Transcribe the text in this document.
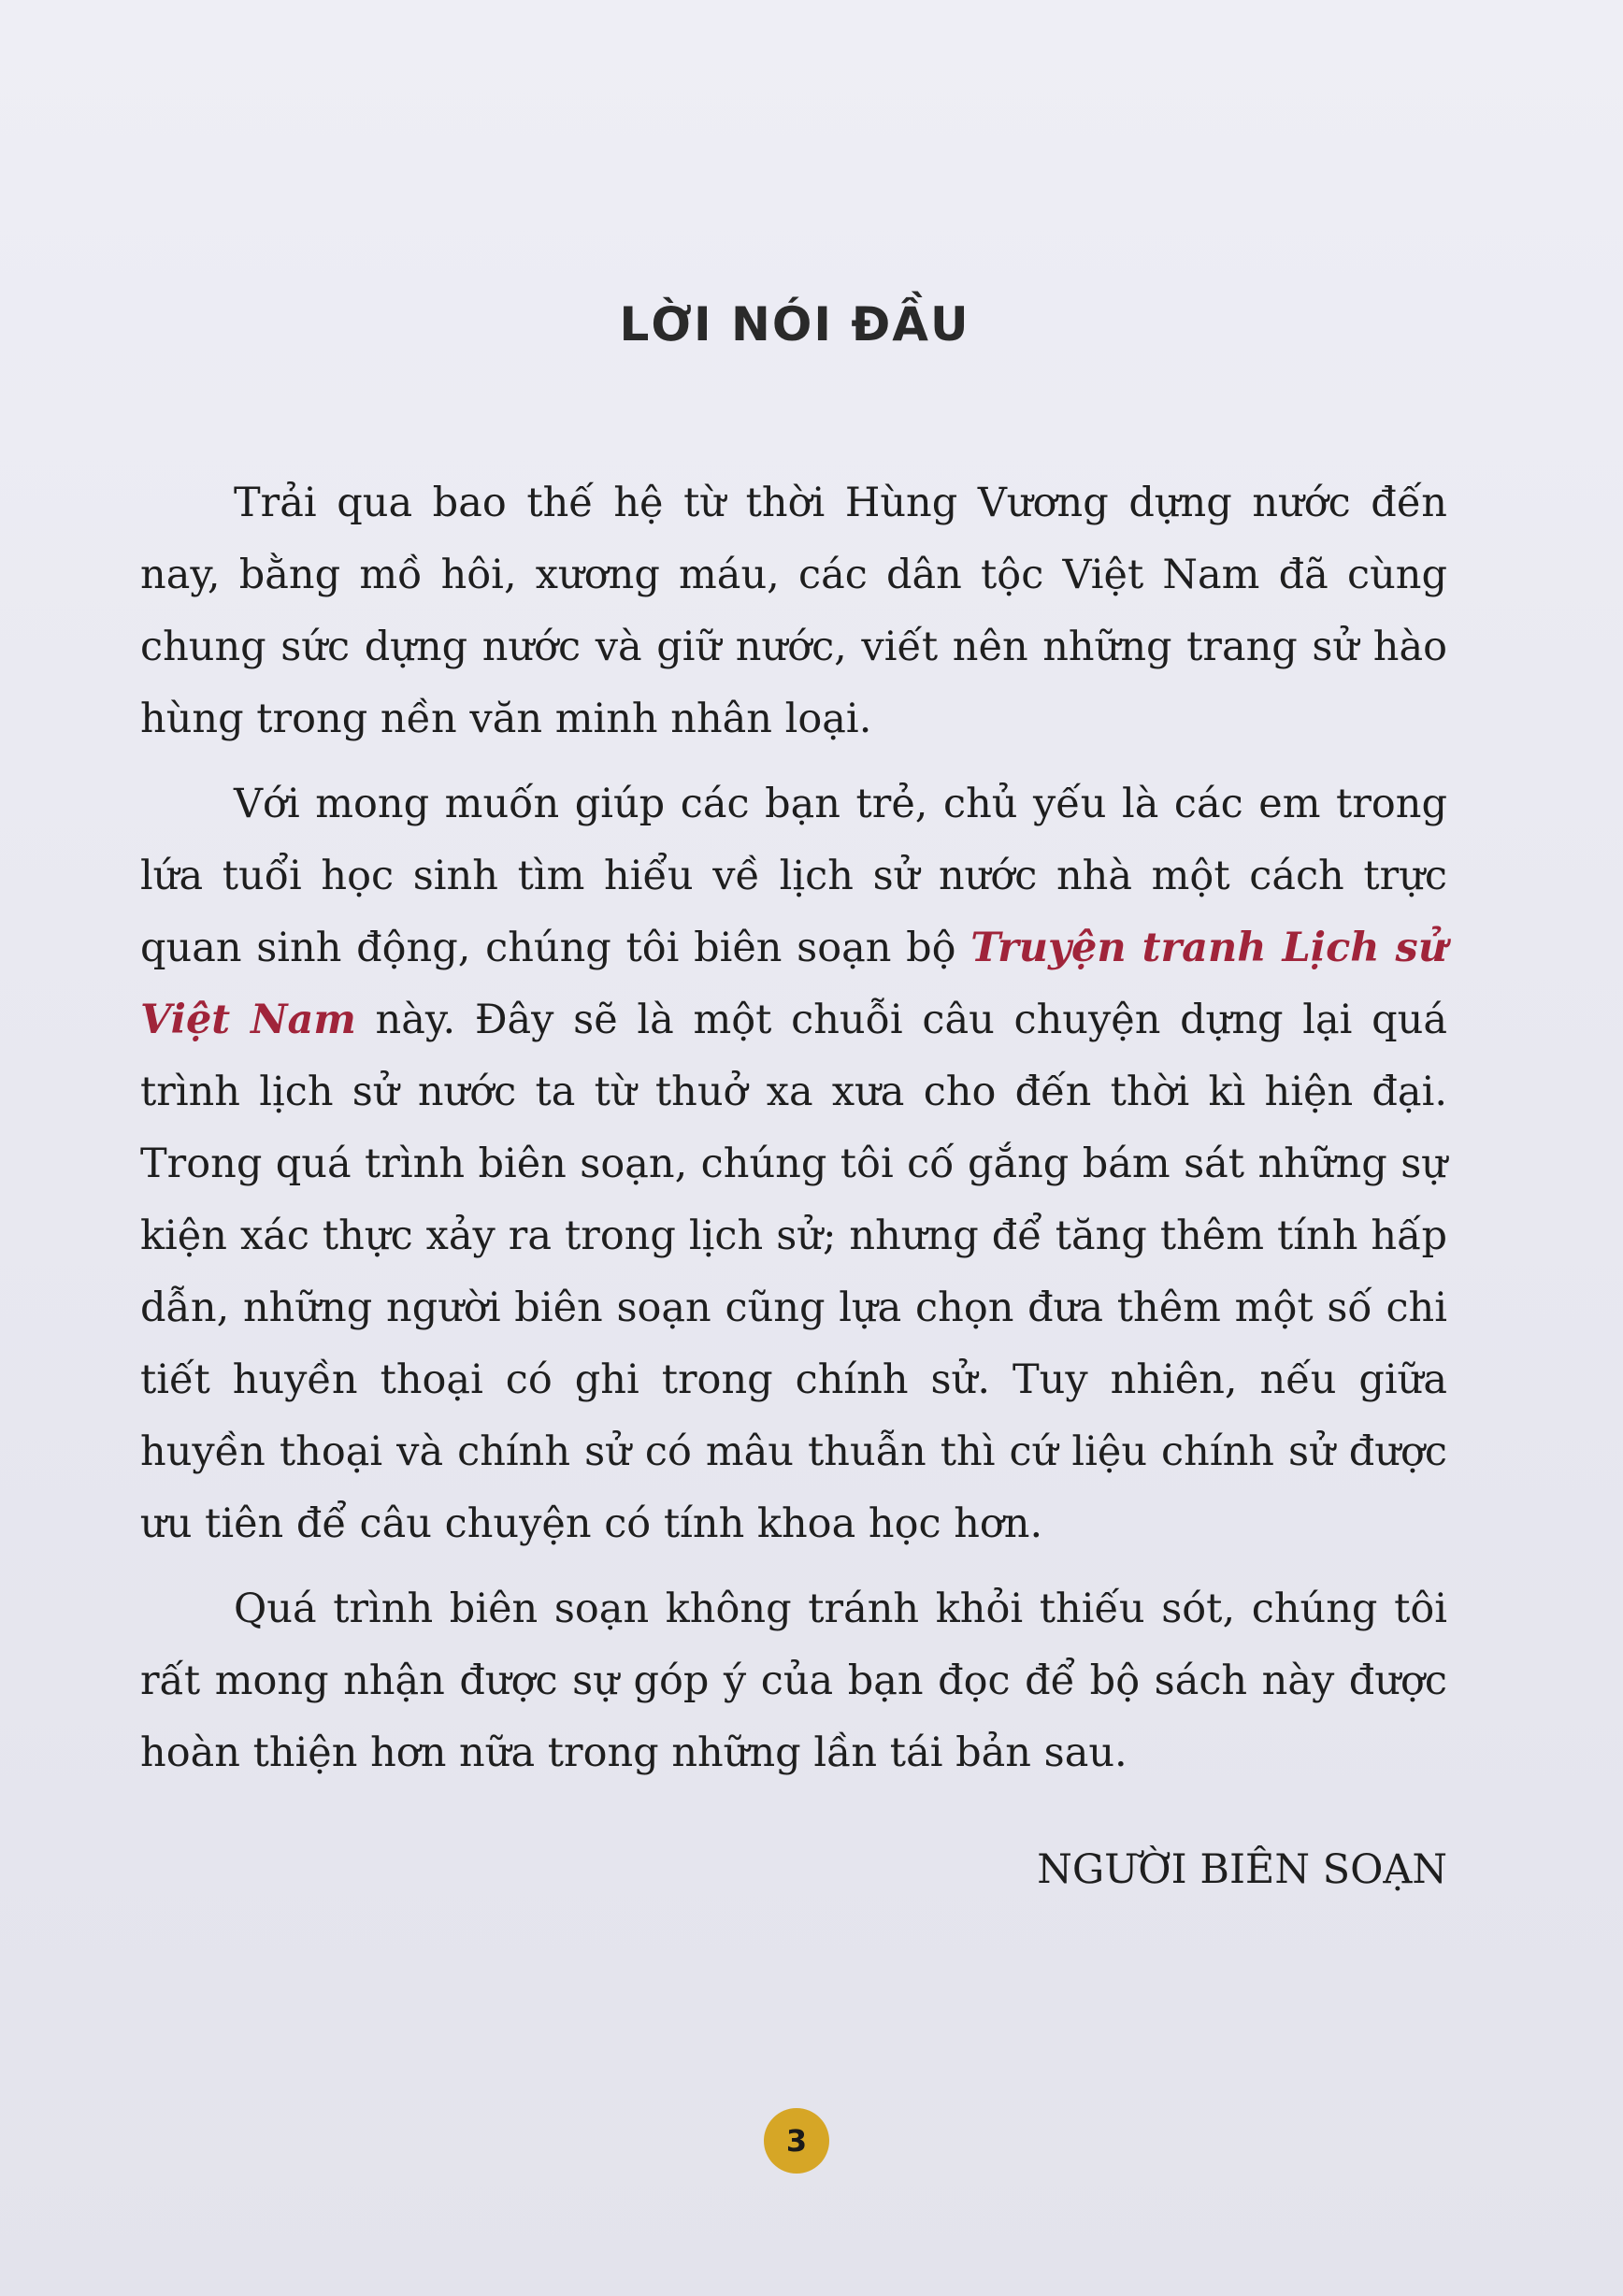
LỜI NÓI ĐẦU

Trải qua bao thế hệ từ thời Hùng Vương dựng nước đến nay, bằng mồ hôi, xương máu, các dân tộc Việt Nam đã cùng chung sức dựng nước và giữ nước, viết nên những trang sử hào hùng trong nền văn minh nhân loại.

Với mong muốn giúp các bạn trẻ, chủ yếu là các em trong lứa tuổi học sinh tìm hiểu về lịch sử nước nhà một cách trực quan sinh động, chúng tôi biên soạn bộ Truyện tranh Lịch sử Việt Nam này. Đây sẽ là một chuỗi câu chuyện dựng lại quá trình lịch sử nước ta từ thuở xa xưa cho đến thời kì hiện đại. Trong quá trình biên soạn, chúng tôi cố gắng bám sát những sự kiện xác thực xảy ra trong lịch sử; nhưng để tăng thêm tính hấp dẫn, những người biên soạn cũng lựa chọn đưa thêm một số chi tiết huyền thoại có ghi trong chính sử. Tuy nhiên, nếu giữa huyền thoại và chính sử có mâu thuẫn thì cứ liệu chính sử được ưu tiên để câu chuyện có tính khoa học hơn.

Quá trình biên soạn không tránh khỏi thiếu sót, chúng tôi rất mong nhận được sự góp ý của bạn đọc để bộ sách này được hoàn thiện hơn nữa trong những lần tái bản sau.

NGƯỜI BIÊN SOẠN
3
